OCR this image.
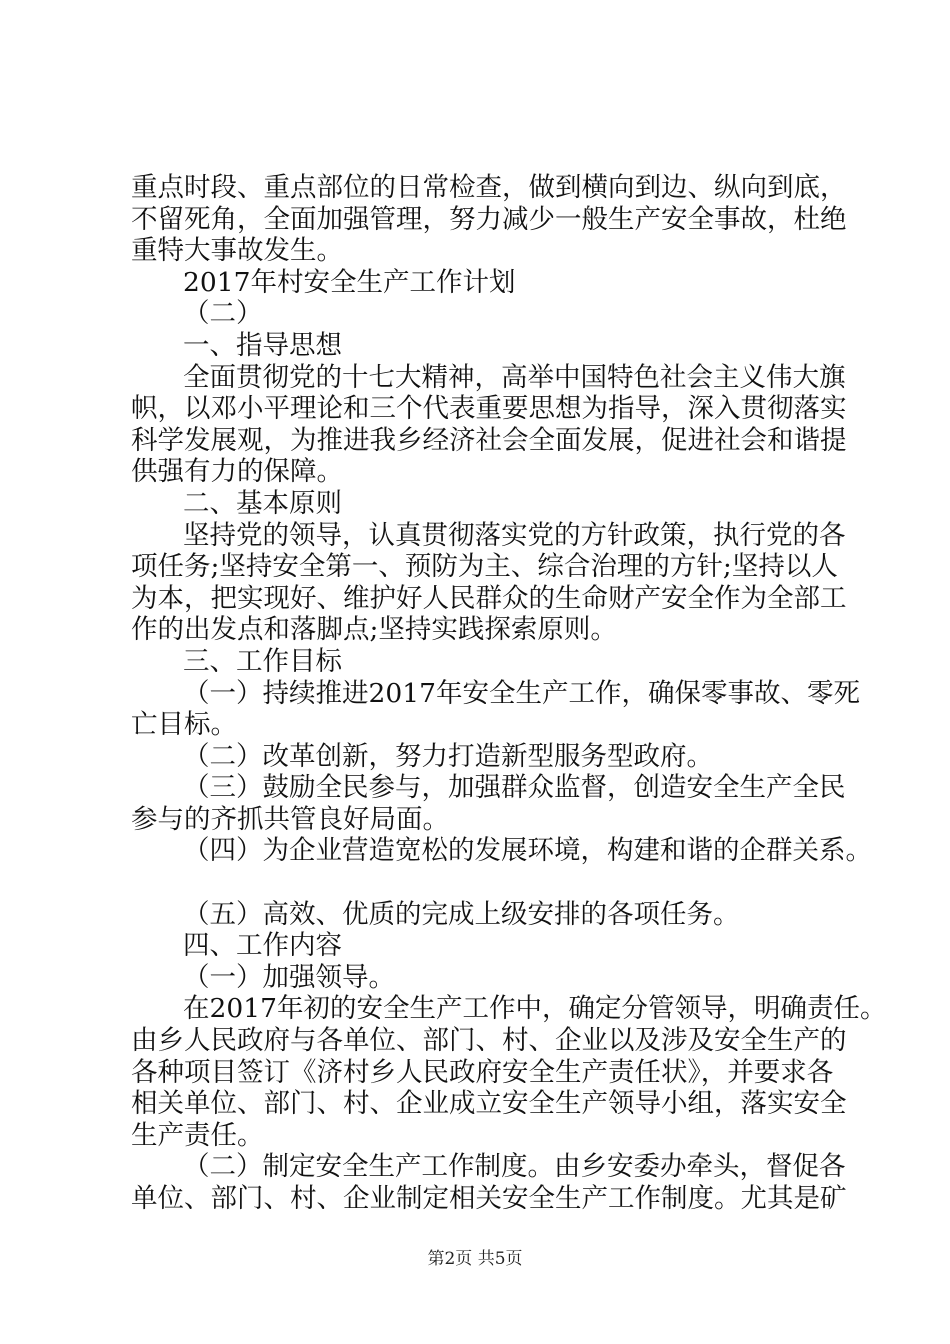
重点时段、重点部位的日常检查，做到横向到边、纵向到底，

不留死角，全面加强管理，努力减少一般生产安全事故，杜绝

重特大事故发生。

2017年村安全生产工作计划

（二）

一、指导思想

全面贯彻党的十七大精神，高举中国特色社会主义伟大旗

帜，以邓小平理论和三个代表重要思想为指导，深入贯彻落实

科学发展观，为推进我乡经济社会全面发展，促进社会和谐提

供强有力的保障。

二、基本原则

坚持党的领导，认真贯彻落实党的方针政策，执行党的各

项任务;坚持安全第一、预防为主、综合治理的方针;坚持以人

为本，把实现好、维护好人民群众的生命财产安全作为全部工

作的出发点和落脚点;坚持实践探索原则。

三、工作目标

（一）持续推进2017年安全生产工作，确保零事故、零死

亡目标。

（二）改革创新，努力打造新型服务型政府。

（三）鼓励全民参与，加强群众监督，创造安全生产全民

参与的齐抓共管良好局面。

（四）为企业营造宽松的发展环境，构建和谐的企群关系。

（五）高效、优质的完成上级安排的各项任务。

四、工作内容

（一）加强领导。

在2017年初的安全生产工作中，确定分管领导，明确责任。

由乡人民政府与各单位、部门、村、企业以及涉及安全生产的

各种项目签订《济村乡人民政府安全生产责任状》，并要求各

相关单位、部门、村、企业成立安全生产领导小组，落实安全

生产责任。

（二）制定安全生产工作制度。由乡安委办牵头，督促各

单位、部门、村、企业制定相关安全生产工作制度。尤其是矿

第2页 共5页
